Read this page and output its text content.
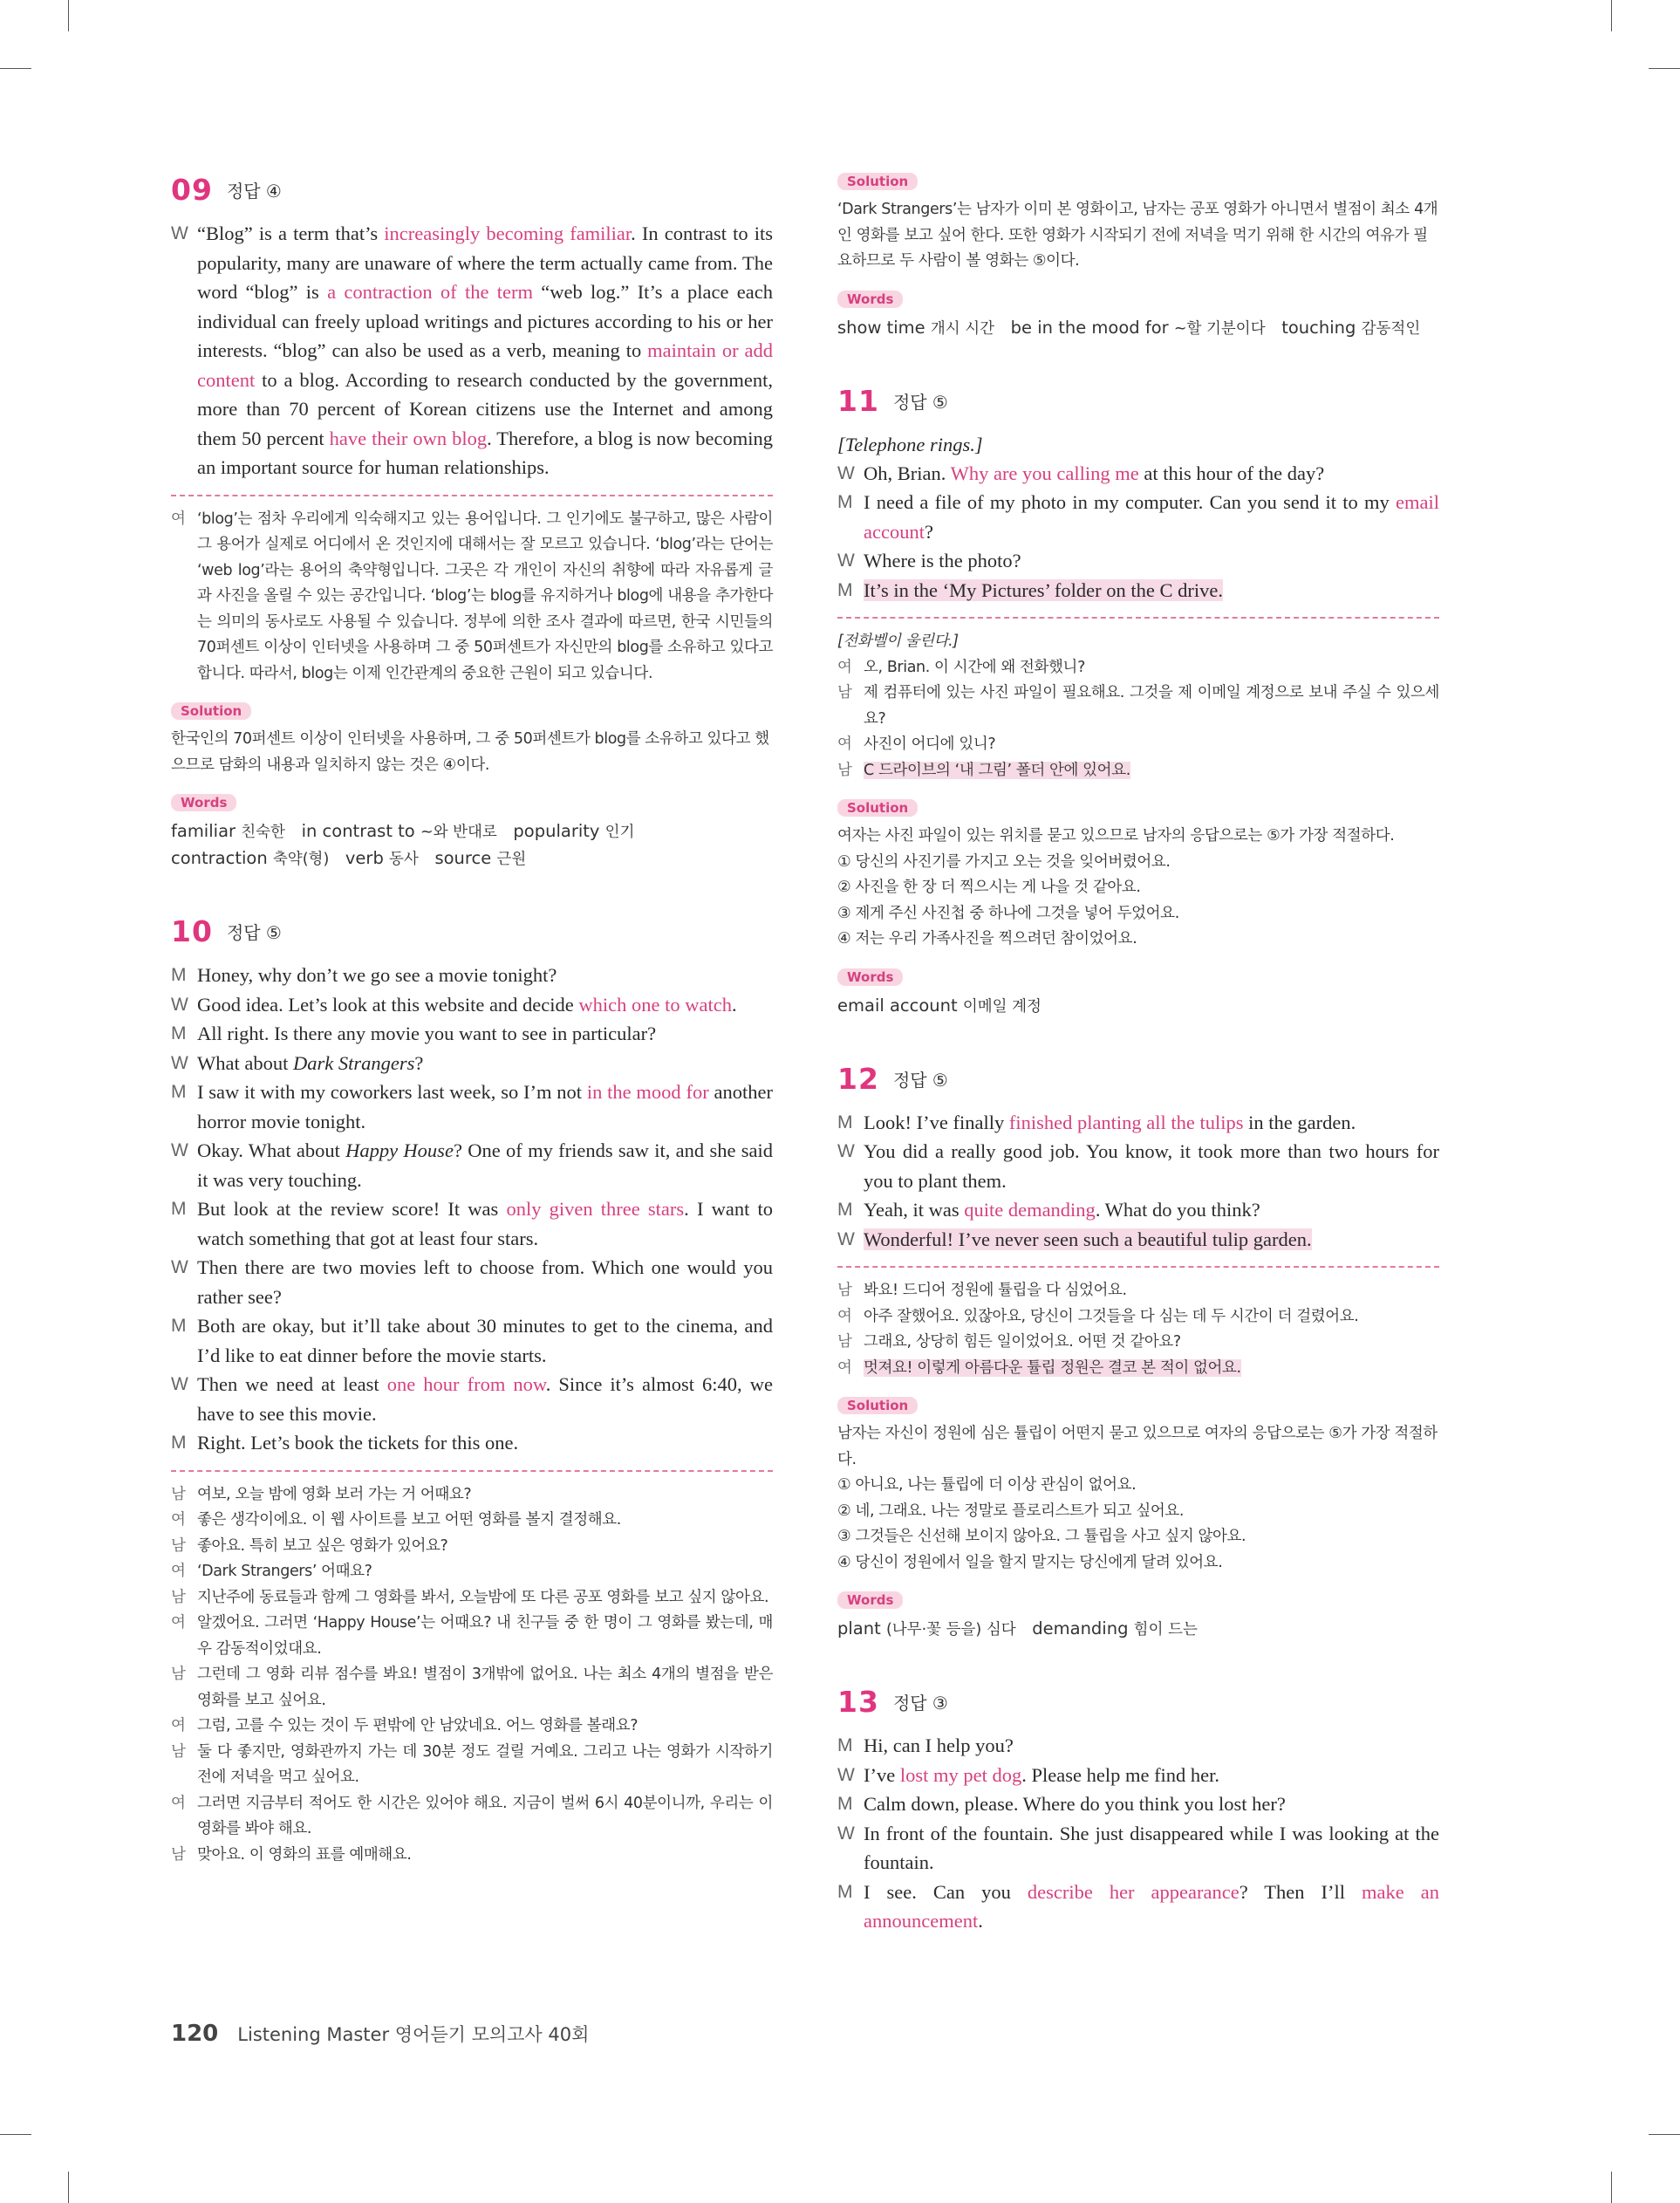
09 정답 ④
W “Blog” is a term that’s increasingly becoming familiar. In contrast to its popularity, many are unaware of where the term actually came from. The word “blog” is a contraction of the term “web log.” It’s a place each individual can freely upload writings and pictures according to his or her interests. “blog” can also be used as a verb, meaning to maintain or add content to a blog. According to research conducted by the government, more than 70 percent of Korean citizens use the Internet and among them 50 percent have their own blog. Therefore, a blog is now becoming an important source for human relationships.
여 ‘blog’는 점차 우리에게 익숙해지고 있는 용어입니다. 그 인기에도 불구하고, 많은 사람이 그 용어가 실제로 어디에서 온 것인지에 대해서는 잘 모르고 있습니다. ‘blog’라는 단어는 ‘web log’라는 용어의 축약형입니다. 그곳은 각 개인이 자신의 취향에 따라 자유롭게 글과 사진을 올릴 수 있는 공간입니다. ‘blog’는 blog를 유지하거나 blog에 내용을 추가한다는 의미의 동사로도 사용될 수 있습니다. 정부에 의한 조사 결과에 따르면, 한국 시민들의 70퍼센트 이상이 인터넷을 사용하며 그 중 50퍼센트가 자신만의 blog를 소유하고 있다고 합니다. 따라서, blog는 이제 인간관계의 중요한 근원이 되고 있습니다.
Solution
한국인의 70퍼센트 이상이 인터넷을 사용하며, 그 중 50퍼센트가 blog를 소유하고 있다고 했으므로 담화의 내용과 일치하지 않는 것은 ④이다.
Words
familiar 친숙한 in contrast to ~와 반대로 popularity 인기
contraction 축약(형) verb 동사 source 근원
10 정답 ⑤
M Honey, why don’t we go see a movie tonight?
W Good idea. Let’s look at this website and decide which one to watch.
M All right. Is there any movie you want to see in particular?
W What about Dark Strangers?
M I saw it with my coworkers last week, so I’m not in the mood for another horror movie tonight.
W Okay. What about Happy House? One of my friends saw it, and she said it was very touching.
M But look at the review score! It was only given three stars. I want to watch something that got at least four stars.
W Then there are two movies left to choose from. Which one would you rather see?
M Both are okay, but it’ll take about 30 minutes to get to the cinema, and I’d like to eat dinner before the movie starts.
W Then we need at least one hour from now. Since it’s almost 6:40, we have to see this movie.
M Right. Let’s book the tickets for this one.
남 여보, 오늘 밤에 영화 보러 가는 거 어때요?
여 좋은 생각이에요. 이 웹 사이트를 보고 어떤 영화를 볼지 결정해요.
남 좋아요. 특히 보고 싶은 영화가 있어요?
여 ‘Dark Strangers’ 어때요?
남 지난주에 동료들과 함께 그 영화를 봐서, 오늘밤에 또 다른 공포 영화를 보고 싶지 않아요.
여 알겠어요. 그러면 ‘Happy House’는 어때요? 내 친구들 중 한 명이 그 영화를 봤는데, 매우 감동적이었대요.
남 그런데 그 영화 리뷰 점수를 봐요! 별점이 3개밖에 없어요. 나는 최소 4개의 별점을 받은 영화를 보고 싶어요.
여 그럼, 고를 수 있는 것이 두 편밖에 안 남았네요. 어느 영화를 볼래요?
남 둘 다 좋지만, 영화관까지 가는 데 30분 정도 걸릴 거예요. 그리고 나는 영화가 시작하기 전에 저녁을 먹고 싶어요.
여 그러면 지금부터 적어도 한 시간은 있어야 해요. 지금이 벌써 6시 40분이니까, 우리는 이 영화를 봐야 해요.
남 맞아요. 이 영화의 표를 예매해요.
Solution
‘Dark Strangers’는 남자가 이미 본 영화이고, 남자는 공포 영화가 아니면서 별점이 최소 4개인 영화를 보고 싶어 한다. 또한 영화가 시작되기 전에 저녁을 먹기 위해 한 시간의 여유가 필요하므로 두 사람이 볼 영화는 ⑤이다.
Words
show time 개시 시간 be in the mood for ~할 기분이다 touching 감동적인
11 정답 ⑤
[Telephone rings.]
W Oh, Brian. Why are you calling me at this hour of the day?
M I need a file of my photo in my computer. Can you send it to my email account?
W Where is the photo?
M It’s in the ‘My Pictures’ folder on the C drive.
[전화벨이 울린다.]
여 오, Brian. 이 시간에 왜 전화했니?
남 제 컴퓨터에 있는 사진 파일이 필요해요. 그것을 제 이메일 계정으로 보내 주실 수 있으세요?
여 사진이 어디에 있니?
남 C 드라이브의 ‘내 그림’ 폴더 안에 있어요.
Solution
여자는 사진 파일이 있는 위치를 묻고 있으므로 남자의 응답으로는 ⑤가 가장 적절하다.
① 당신의 사진기를 가지고 오는 것을 잊어버렸어요.
② 사진을 한 장 더 찍으시는 게 나을 것 같아요.
③ 제게 주신 사진첩 중 하나에 그것을 넣어 두었어요.
④ 저는 우리 가족사진을 찍으려던 참이었어요.
Words
email account 이메일 계정
12 정답 ⑤
M Look! I’ve finally finished planting all the tulips in the garden.
W You did a really good job. You know, it took more than two hours for you to plant them.
M Yeah, it was quite demanding. What do you think?
W Wonderful! I’ve never seen such a beautiful tulip garden.
남 봐요! 드디어 정원에 튤립을 다 심었어요.
여 아주 잘했어요. 있잖아요, 당신이 그것들을 다 심는 데 두 시간이 더 걸렸어요.
남 그래요, 상당히 힘든 일이었어요. 어떤 것 같아요?
여 멋져요! 이렇게 아름다운 튤립 정원은 결코 본 적이 없어요.
Solution
남자는 자신이 정원에 심은 튤립이 어떤지 묻고 있으므로 여자의 응답으로는 ⑤가 가장 적절하다.
① 아니요, 나는 튤립에 더 이상 관심이 없어요.
② 네, 그래요. 나는 정말로 플로리스트가 되고 싶어요.
③ 그것들은 신선해 보이지 않아요. 그 튤립을 사고 싶지 않아요.
④ 당신이 정원에서 일을 할지 말지는 당신에게 달려 있어요.
Words
plant (나무·꽃 등을) 심다 demanding 힘이 드는
13 정답 ③
M Hi, can I help you?
W I’ve lost my pet dog. Please help me find her.
M Calm down, please. Where do you think you lost her?
W In front of the fountain. She just disappeared while I was looking at the fountain.
M I see. Can you describe her appearance? Then I’ll make an announcement.
120 Listening Master 영어듣기 모의고사 40회
